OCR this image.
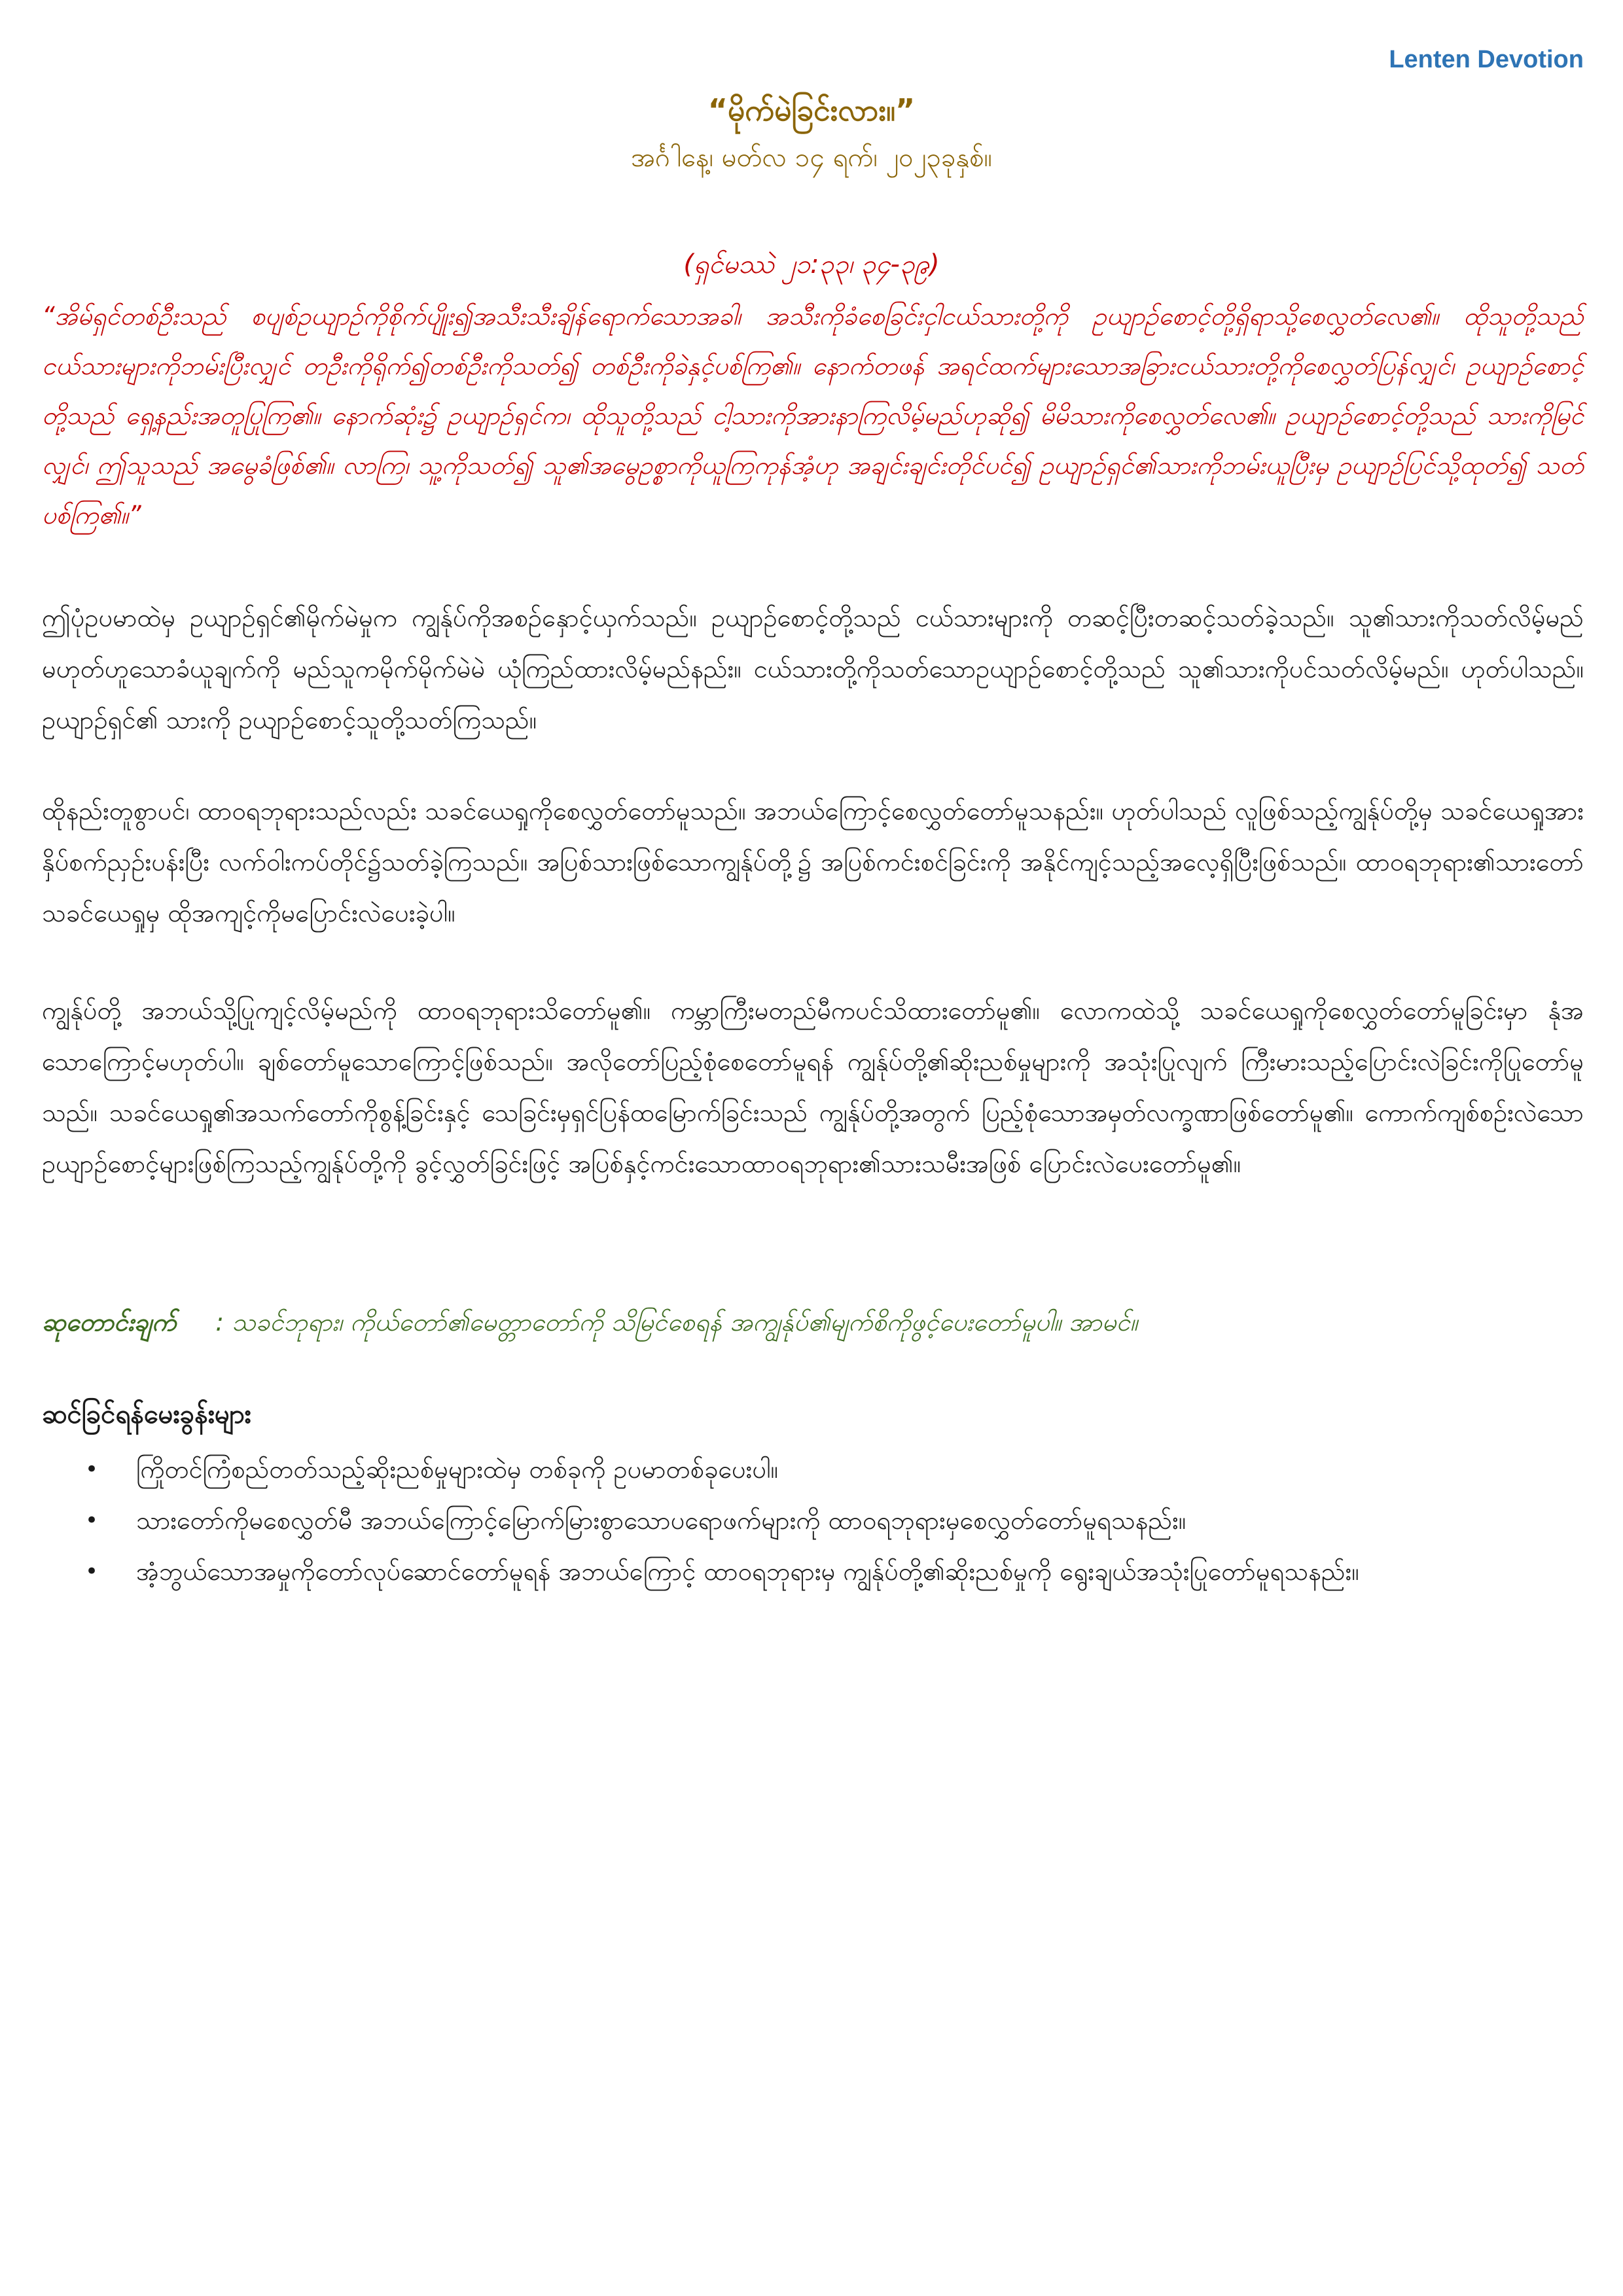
Lenten Devotion
“မိုက်မဲခြင်းလား။”
အင်္ဂါနေ့၊ မတ်လ ၁၄ ရက်၊ ၂၀၂၃ခုနှစ်။
(ရှင်မဿဲ ၂၁:၃၃၊ ၃၄-၃၉)
“အိမ်ရှင်တစ်ဦးသည် စပျစ်ဥယျာဉ်ကိုစိုက်ပျိုး၍အသီးသီးချိန်ရောက်သောအခါ၊ အသီးကိုခံစေခြင်းငှါငယ်သားတို့ကို ဥယျာဉ်စောင့်တို့ရှိရာသို့စေလွှတ်လေ၏။ ထိုသူတို့သည် ငယ်သားများကိုဘမ်းပြီးလျှင် တဦးကိုရိုက်၍တစ်ဦးကိုသတ်၍ တစ်ဦးကိုခဲနှင့်ပစ်ကြ၏။ နောက်တဖန် အရင်ထက်များသောအခြားငယ်သားတို့ကိုစေလွှတ်ပြန်လျှင်၊ ဥယျာဉ်စောင့်တို့သည် ရှေ့နည်းအတူပြုကြ၏။ နောက်ဆုံး၌ ဥယျာဉ်ရှင်က၊ ထိုသူတို့သည် ငါ့သားကိုအားနာကြလိမ့်မည်ဟုဆို၍ မိမိသားကိုစေလွှတ်လေ၏။ ဥယျာဉ်စောင့်တို့သည် သားကိုမြင်လျှင်၊ ဤသူသည် အမွေခံဖြစ်၏။ လာကြ၊ သူ့ကိုသတ်၍ သူ၏အမွေဥစ္စာကိုယူကြကုန်အံ့ဟု အချင်းချင်းတိုင်ပင်၍ ဥယျာဉ်ရှင်၏သားကိုဘမ်းယူပြီးမှ ဥယျာဉ်ပြင်သို့ထုတ်၍ သတ်ပစ်ကြ၏။”

ဤပုံဥပမာထဲမှ ဥယျာဉ်ရှင်၏မိုက်မဲမှုက ကျွန်ုပ်ကိုအစဉ်နှောင့်ယှက်သည်။ ဥယျာဉ်စောင့်တို့သည် ငယ်သားများကို တဆင့်ပြီးတဆင့်သတ်ခဲ့သည်။ သူ၏သားကိုသတ်လိမ့်မည်မဟုတ်ဟူသောခံယူချက်ကို မည်သူကမိုက်မိုက်မဲမဲ ယုံကြည်ထားလိမ့်မည်နည်း။ ငယ်သားတို့ကိုသတ်သောဥယျာဉ်စောင့်တို့သည် သူ၏သားကိုပင်သတ်လိမ့်မည်။ ဟုတ်ပါသည်။ ဥယျာဉ်ရှင်၏ သားကို ဥယျာဉ်စောင့်သူတို့သတ်ကြသည်။

ထိုနည်းတူစွာပင်၊ ထာဝရဘုရားသည်လည်း သခင်ယေရှုကိုစေလွှတ်တော်မူသည်။ အဘယ်ကြောင့်စေလွှတ်တော်မူသနည်း။ ဟုတ်ပါသည် လူဖြစ်သည့်ကျွန်ုပ်တို့မှ သခင်ယေရှုအား နှိပ်စက်ညှဉ်းပန်းပြီး လက်ဝါးကပ်တိုင်၌သတ်ခဲ့ကြသည်။ အပြစ်သားဖြစ်သောကျွန်ုပ်တို့၌ အပြစ်ကင်းစင်ခြင်းကို အနိုင်ကျင့်သည့်အလေ့ရှိပြီးဖြစ်သည်။ ထာဝရဘုရား၏သားတော် သခင်ယေရှုမှ ထိုအကျင့်ကိုမပြောင်းလဲပေးခဲ့ပါ။

ကျွန်ုပ်တို့ အဘယ်သို့ပြုကျင့်လိမ့်မည်ကို ထာဝရဘုရားသိတော်မူ၏။ ကမ္ဘာကြီးမတည်မီကပင်သိထားတော်မူ၏။ လောကထဲသို့ သခင်ယေရှုကိုစေလွှတ်တော်မူခြင်းမှာ နုံအသောကြောင့်မဟုတ်ပါ။ ချစ်တော်မူသောကြောင့်ဖြစ်သည်။ အလိုတော်ပြည့်စုံစေတော်မူရန် ကျွန်ုပ်တို့၏ဆိုးညစ်မှုများကို အသုံးပြုလျက် ကြီးမားသည့်ပြောင်းလဲခြင်းကိုပြုတော်မူသည်။ သခင်ယေရှု၏အသက်တော်ကိုစွန့်ခြင်းနှင့် သေခြင်းမှရှင်ပြန်ထမြောက်ခြင်းသည် ကျွန်ုပ်တို့အတွက် ပြည့်စုံသောအမှတ်လက္ခဏာဖြစ်တော်မူ၏။ ကောက်ကျစ်စဉ်းလဲသောဥယျာဉ်စောင့်များဖြစ်ကြသည့်ကျွန်ုပ်တို့ကို ခွင့်လွှတ်ခြင်းဖြင့် အပြစ်နှင့်ကင်းသောထာဝရဘုရား၏သားသမီးအဖြစ် ပြောင်းလဲပေးတော်မူ၏။

ဆုတောင်းချက် : သခင်ဘုရား၊ ကိုယ်တော်၏မေတ္တာတော်ကို သိမြင်စေရန် အကျွန်ုပ်၏မျက်စိကိုဖွင့်ပေးတော်မူပါ။ အာမင်။
ဆင်ခြင်ရန်မေးခွန်းများ
• ကြိုတင်ကြံစည်တတ်သည့်ဆိုးညစ်မှုများထဲမှ တစ်ခုကို ဥပမာတစ်ခုပေးပါ။
• သားတော်ကိုမစေလွှတ်မီ အဘယ်ကြောင့်မြောက်မြားစွာသောပရောဖက်များကို ထာဝရဘုရားမှစေလွှတ်တော်မူရသနည်း။
• အံ့ဘွယ်သောအမှုကိုတော်လုပ်ဆောင်တော်မူရန် အဘယ်ကြောင့် ထာဝရဘုရားမှ ကျွန်ုပ်တို့၏ဆိုးညစ်မှုကို ရွေးချယ်အသုံးပြုတော်မူရသနည်း။
